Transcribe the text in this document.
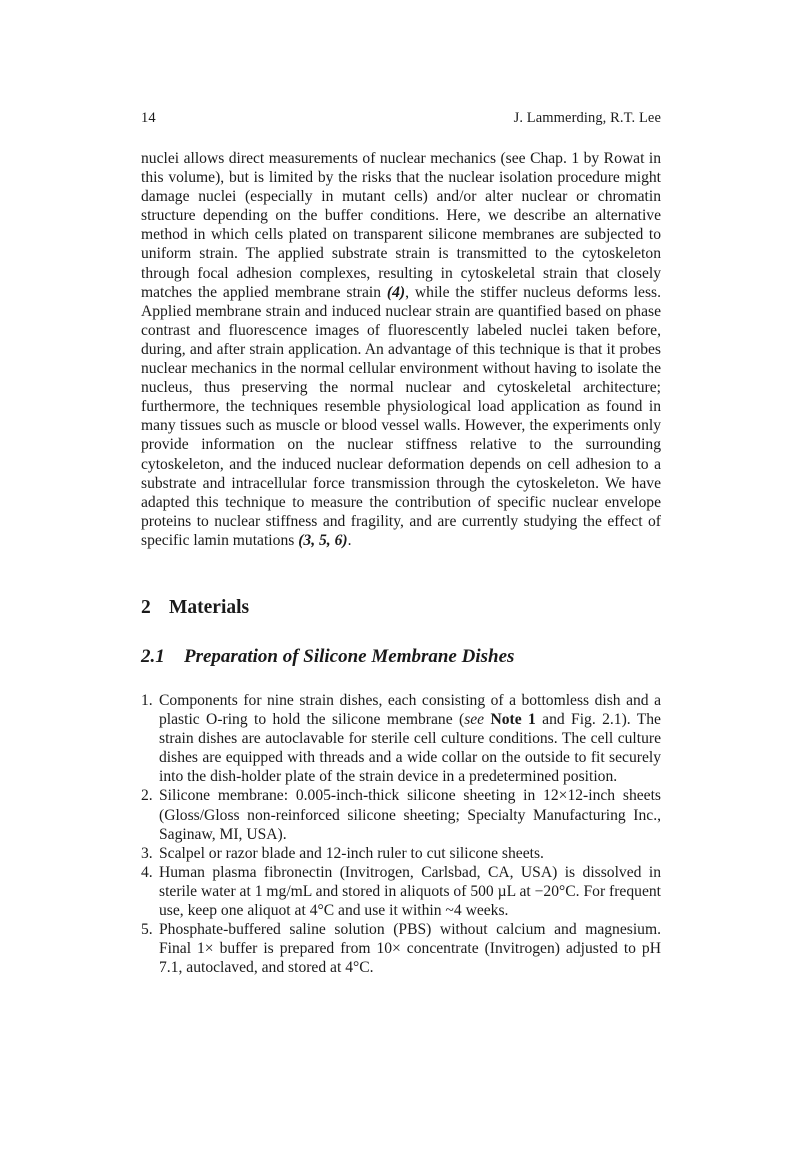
14	J. Lammerding, R.T. Lee

nuclei allows direct measurements of nuclear mechanics (see Chap. 1 by Rowat in this volume), but is limited by the risks that the nuclear isolation procedure might damage nuclei (especially in mutant cells) and/or alter nuclear or chromatin structure depending on the buffer conditions. Here, we describe an alternative method in which cells plated on transparent silicone membranes are subjected to uniform strain. The applied substrate strain is transmitted to the cytoskeleton through focal adhesion complexes, resulting in cytoskeletal strain that closely matches the applied membrane strain (4), while the stiffer nucleus deforms less. Applied membrane strain and induced nuclear strain are quantified based on phase contrast and fluorescence images of fluorescently labeled nuclei taken before, during, and after strain application. An advantage of this technique is that it probes nuclear mechanics in the normal cellular environment without having to isolate the nucleus, thus preserving the normal nuclear and cytoskeletal architecture; furthermore, the techniques resemble physiological load application as found in many tissues such as muscle or blood vessel walls. However, the experiments only provide information on the nuclear stiffness relative to the surrounding cytoskeleton, and the induced nuclear deformation depends on cell adhesion to a substrate and intracellular force transmission through the cytoskeleton. We have adapted this technique to measure the contribution of specific nuclear envelope proteins to nuclear stiffness and fragility, and are currently studying the effect of specific lamin mutations (3, 5, 6).

2 Materials
2.1 Preparation of Silicone Membrane Dishes
1. Components for nine strain dishes, each consisting of a bottomless dish and a plastic O-ring to hold the silicone membrane (see Note 1 and Fig. 2.1). The strain dishes are autoclavable for sterile cell culture conditions. The cell culture dishes are equipped with threads and a wide collar on the outside to fit securely into the dish-holder plate of the strain device in a predetermined position.
2. Silicone membrane: 0.005-inch-thick silicone sheeting in 12×12-inch sheets (Gloss/Gloss non-reinforced silicone sheeting; Specialty Manufacturing Inc., Saginaw, MI, USA).
3. Scalpel or razor blade and 12-inch ruler to cut silicone sheets.
4. Human plasma fibronectin (Invitrogen, Carlsbad, CA, USA) is dissolved in sterile water at 1 mg/mL and stored in aliquots of 500 µL at −20°C. For frequent use, keep one aliquot at 4°C and use it within ~4 weeks.
5. Phosphate-buffered saline solution (PBS) without calcium and magnesium. Final 1× buffer is prepared from 10× concentrate (Invitrogen) adjusted to pH 7.1, autoclaved, and stored at 4°C.
